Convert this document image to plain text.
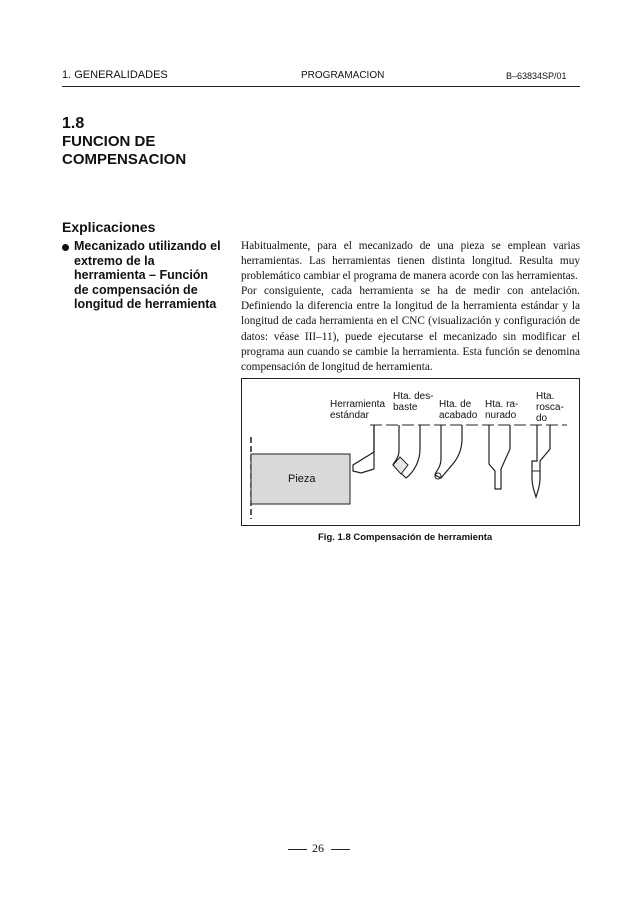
1. GENERALIDADES	PROGRAMACION	B–63834SP/01
1.8
FUNCION DE
COMPENSACION
Explicaciones
Mecanizado utilizando el
extremo de la
herramienta – Función
de compensación de
longitud de herramienta

Habitualmente, para el mecanizado de una pieza se emplean varias herramientas. Las herramientas tienen distinta longitud. Resulta muy problemático cambiar el programa de manera acorde con las herramientas.

Por consiguiente, cada herramienta se ha de medir con antelación. Definiendo la diferencia entre la longitud de la herramienta estándar y la longitud de cada herramienta en el CNC (visualización y configuración de datos: véase III–11), puede ejecutarse el mecanizado sin modificar el programa aun cuando se cambie la herramienta. Esta función se denomina compensación de longitud de herramienta.

Pieza
Herramienta
estándar
Hta. des-
baste	Hta. de
acabado
Hta. ra-
nurado
Hta.
rosca-
do
Fig. 1.8 Compensación de herramienta
26
